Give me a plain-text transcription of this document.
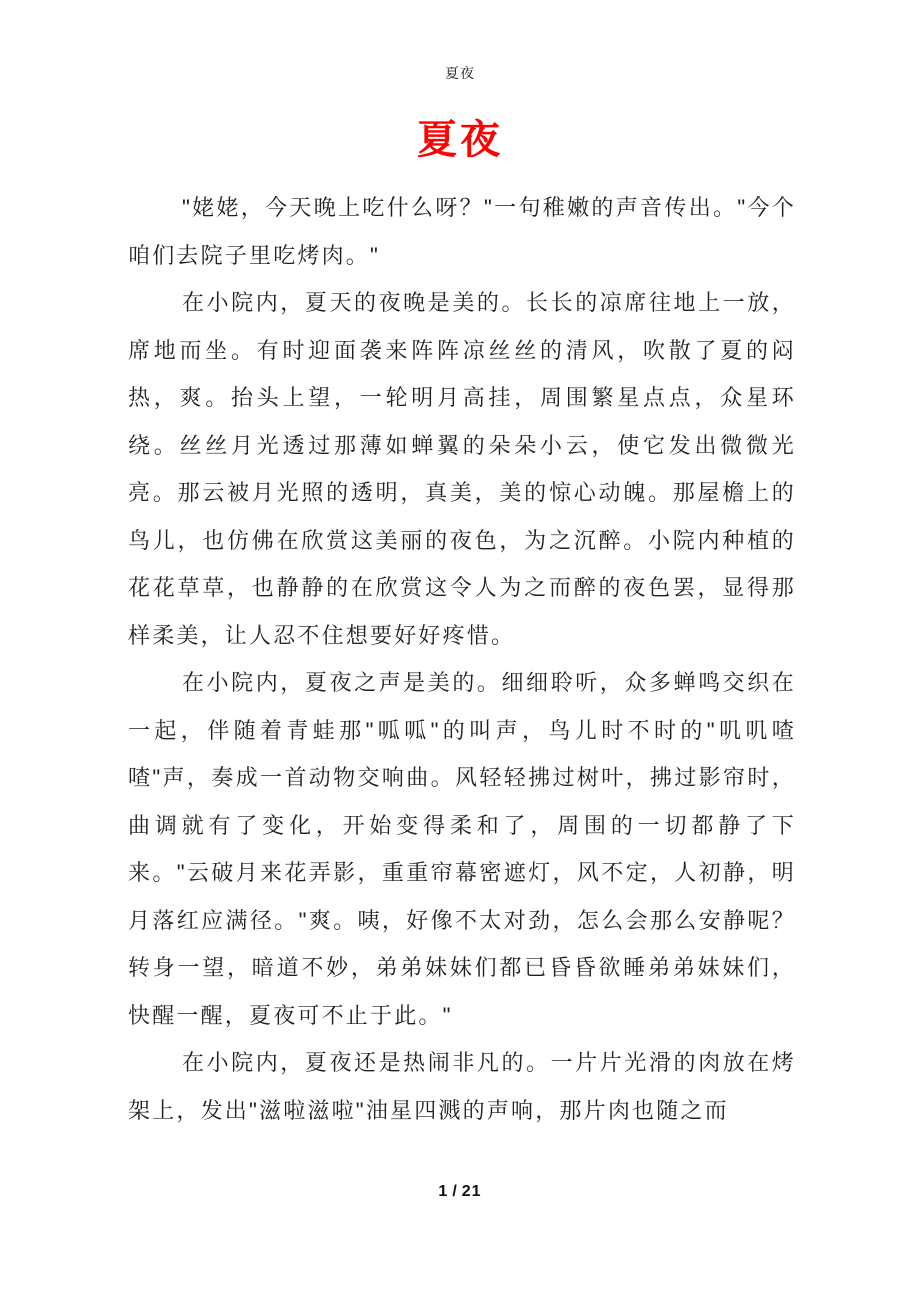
夏夜
夏夜

"姥姥，今天晚上吃什么呀？"一句稚嫩的声音传出。"今个咱们去院子里吃烤肉。"

在小院内，夏天的夜晚是美的。长长的凉席往地上一放，席地而坐。有时迎面袭来阵阵凉丝丝的清风，吹散了夏的闷热，爽。抬头上望，一轮明月高挂，周围繁星点点，众星环绕。丝丝月光透过那薄如蝉翼的朵朵小云，使它发出微微光亮。那云被月光照的透明，真美，美的惊心动魄。那屋檐上的鸟儿，也仿佛在欣赏这美丽的夜色，为之沉醉。小院内种植的花花草草，也静静的在欣赏这令人为之而醉的夜色罢，显得那样柔美，让人忍不住想要好好疼惜。

在小院内，夏夜之声是美的。细细聆听，众多蝉鸣交织在一起，伴随着青蛙那"呱呱"的叫声，鸟儿时不时的"叽叽喳喳"声，奏成一首动物交响曲。风轻轻拂过树叶，拂过影帘时，曲调就有了变化，开始变得柔和了，周围的一切都静了下来。"云破月来花弄影，重重帘幕密遮灯，风不定，人初静，明月落红应满径。"爽。咦，好像不太对劲，怎么会那么安静呢？转身一望，暗道不妙，弟弟妹妹们都已昏昏欲睡弟弟妹妹们，快醒一醒，夏夜可不止于此。"

在小院内，夏夜还是热闹非凡的。一片片光滑的肉放在烤架上，发出"滋啦滋啦"油星四溅的声响，那片肉也随之而

1 / 21
